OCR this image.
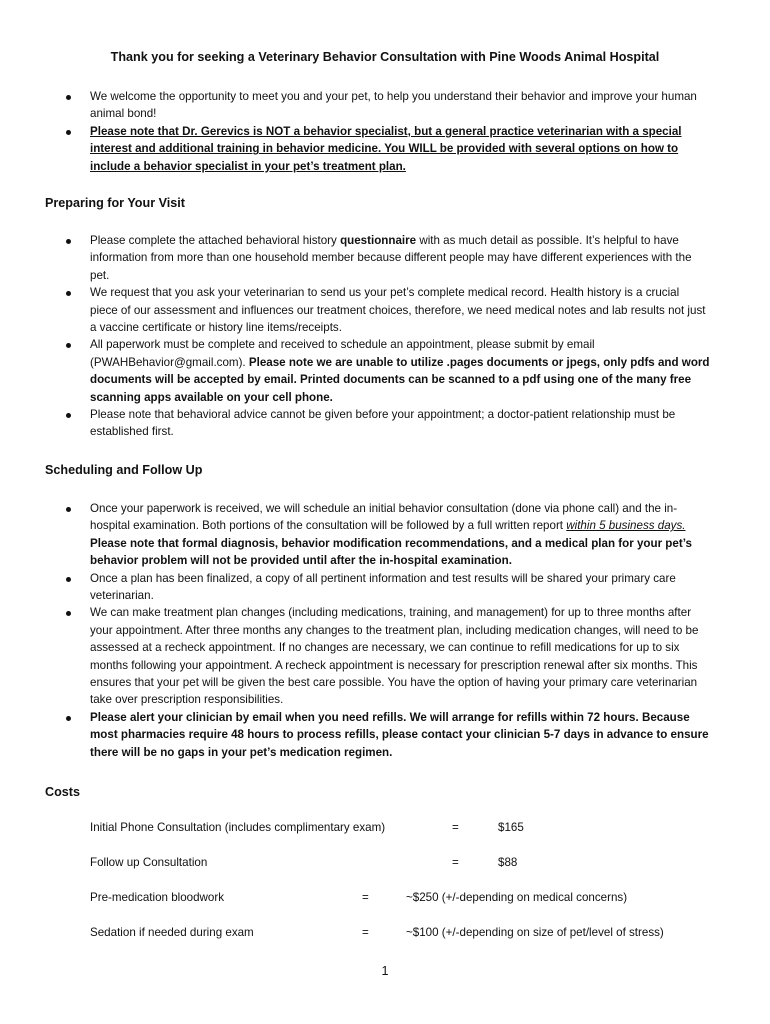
Thank you for seeking a Veterinary Behavior Consultation with Pine Woods Animal Hospital
We welcome the opportunity to meet you and your pet, to help you understand their behavior and improve your human animal bond!
Please note that Dr. Gerevics is NOT a behavior specialist, but a general practice veterinarian with a special interest and additional training in behavior medicine. You WILL be provided with several options on how to include a behavior specialist in your pet’s treatment plan.
Preparing for Your Visit
Please complete the attached behavioral history questionnaire with as much detail as possible. It’s helpful to have information from more than one household member because different people may have different experiences with the pet.
We request that you ask your veterinarian to send us your pet’s complete medical record. Health history is a crucial piece of our assessment and influences our treatment choices, therefore, we need medical notes and lab results not just a vaccine certificate or history line items/receipts.
All paperwork must be complete and received to schedule an appointment, please submit by email (PWAHBehavior@gmail.com). Please note we are unable to utilize .pages documents or jpegs, only pdfs and word documents will be accepted by email. Printed documents can be scanned to a pdf using one of the many free scanning apps available on your cell phone.
Please note that behavioral advice cannot be given before your appointment; a doctor-patient relationship must be established first.
Scheduling and Follow Up
Once your paperwork is received, we will schedule an initial behavior consultation (done via phone call) and the in-hospital examination. Both portions of the consultation will be followed by a full written report within 5 business days. Please note that formal diagnosis, behavior modification recommendations, and a medical plan for your pet’s behavior problem will not be provided until after the in-hospital examination.
Once a plan has been finalized, a copy of all pertinent information and test results will be shared your primary care veterinarian.
We can make treatment plan changes (including medications, training, and management) for up to three months after your appointment. After three months any changes to the treatment plan, including medication changes, will need to be assessed at a recheck appointment. If no changes are necessary, we can continue to refill medications for up to six months following your appointment. A recheck appointment is necessary for prescription renewal after six months. This ensures that your pet will be given the best care possible. You have the option of having your primary care veterinarian take over prescription responsibilities.
Please alert your clinician by email when you need refills. We will arrange for refills within 72 hours. Because most pharmacies require 48 hours to process refills, please contact your clinician 5-7 days in advance to ensure there will be no gaps in your pet’s medication regimen.
Costs
Initial Phone Consultation (includes complimentary exam)	=	$165
Follow up Consultation	=	$88
Pre-medication bloodwork	=	~$250 (+/-depending on medical concerns)
Sedation if needed during exam	=	~$100 (+/-depending on size of pet/level of stress)
1
